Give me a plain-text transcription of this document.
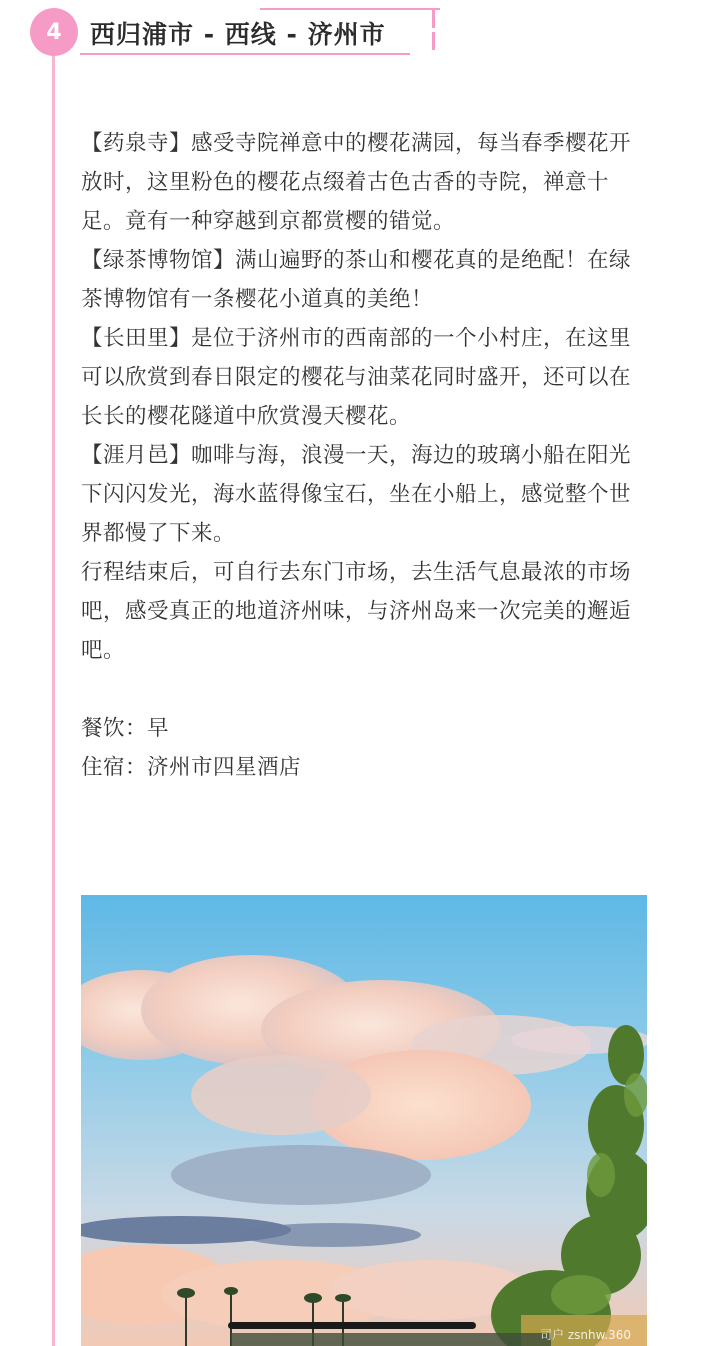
4 西归浦市 - 西线 - 济州市

【药泉寺】感受寺院禅意中的樱花满园，每当春季樱花开放时，这里粉色的樱花点缀着古色古香的寺院，禅意十足。竟有一种穿越到京都赏樱的错觉。

【绿茶博物馆】满山遍野的茶山和樱花真的是绝配！在绿茶博物馆有一条樱花小道真的美绝！

【长田里】是位于济州市的西南部的一个小村庄，在这里可以欣赏到春日限定的樱花与油菜花同时盛开，还可以在长长的樱花隧道中欣赏漫天樱花。

【涯月邑】咖啡与海，浪漫一天，海边的玻璃小船在阳光下闪闪发光，海水蓝得像宝石，坐在小船上，感觉整个世界都慢了下来。

行程结束后，可自行去东门市场，去生活气息最浓的市场吧，感受真正的地道济州味，与济州岛来一次完美的邂逅吧。

餐饮：早

住宿：济州市四星酒店

司户 zsnhw.360
